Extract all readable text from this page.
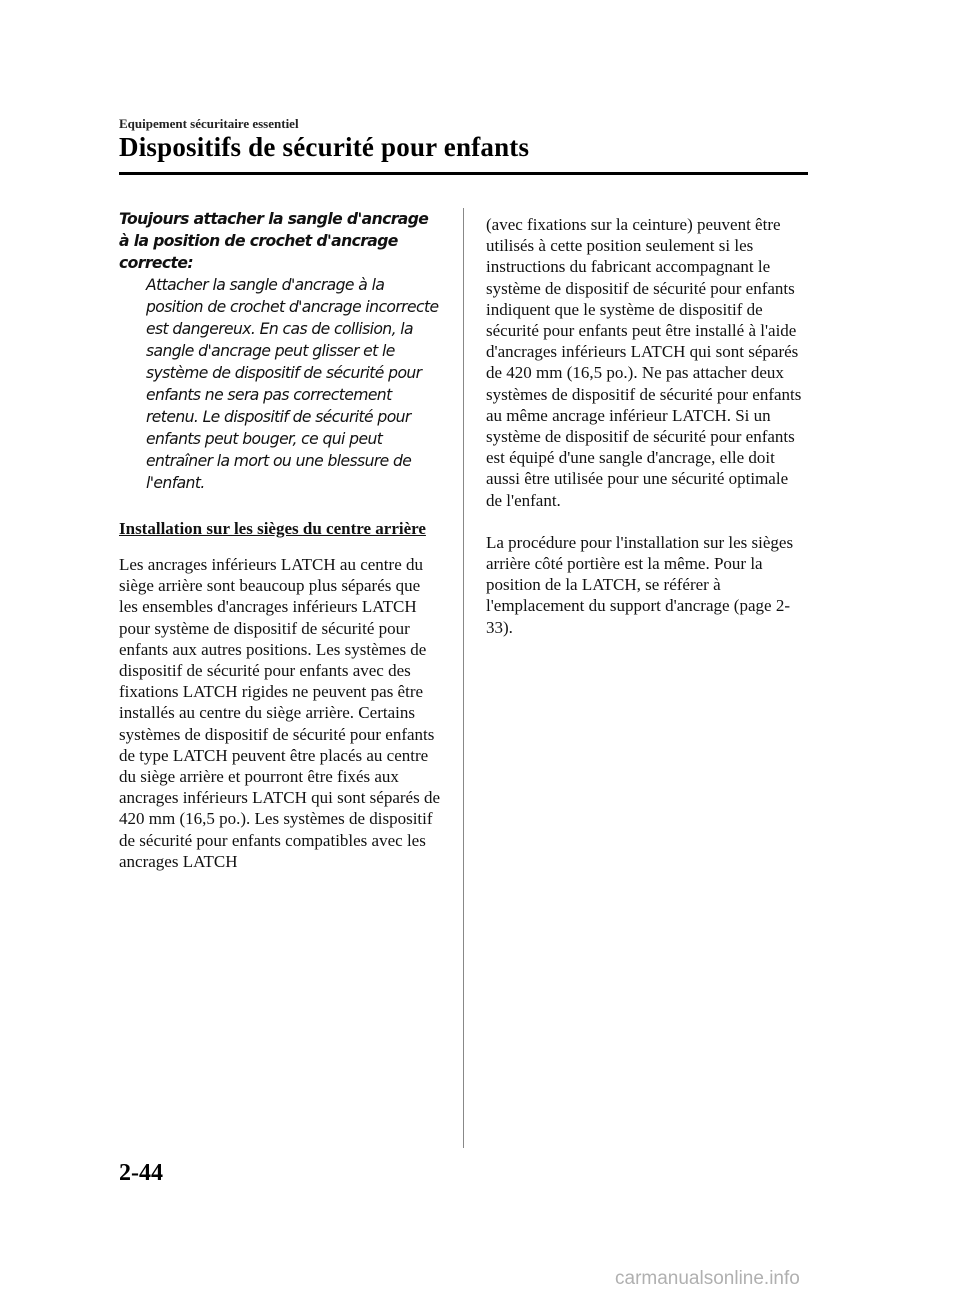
Equipement sécuritaire essentiel
Dispositifs de sécurité pour enfants

Toujours attacher la sangle d'ancrage à la position de crochet d'ancrage correcte:

Attacher la sangle d'ancrage à la position de crochet d'ancrage incorrecte est dangereux. En cas de collision, la sangle d'ancrage peut glisser et le système de dispositif de sécurité pour enfants ne sera pas correctement retenu. Le dispositif de sécurité pour enfants peut bouger, ce qui peut entraîner la mort ou une blessure de l'enfant.

Installation sur les sièges du centre arrière

Les ancrages inférieurs LATCH au centre du siège arrière sont beaucoup plus séparés que les ensembles d'ancrages inférieurs LATCH pour système de dispositif de sécurité pour enfants aux autres positions. Les systèmes de dispositif de sécurité pour enfants avec des fixations LATCH rigides ne peuvent pas être installés au centre du siège arrière. Certains systèmes de dispositif de sécurité pour enfants de type LATCH peuvent être placés au centre du siège arrière et pourront être fixés aux ancrages inférieurs LATCH qui sont séparés de 420 mm (16,5 po.). Les systèmes de dispositif de sécurité pour enfants compatibles avec les ancrages LATCH

(avec fixations sur la ceinture) peuvent être utilisés à cette position seulement si les instructions du fabricant accompagnant le système de dispositif de sécurité pour enfants indiquent que le système de dispositif de sécurité pour enfants peut être installé à l'aide d'ancrages inférieurs LATCH qui sont séparés de 420 mm (16,5 po.). Ne pas attacher deux systèmes de dispositif de sécurité pour enfants au même ancrage inférieur LATCH. Si un système de dispositif de sécurité pour enfants est équipé d'une sangle d'ancrage, elle doit aussi être utilisée pour une sécurité optimale de l'enfant.

La procédure pour l'installation sur les sièges arrière côté portière est la même. Pour la position de la LATCH, se référer à l'emplacement du support d'ancrage (page 2-33).

2-44
carmanualsonline.info
